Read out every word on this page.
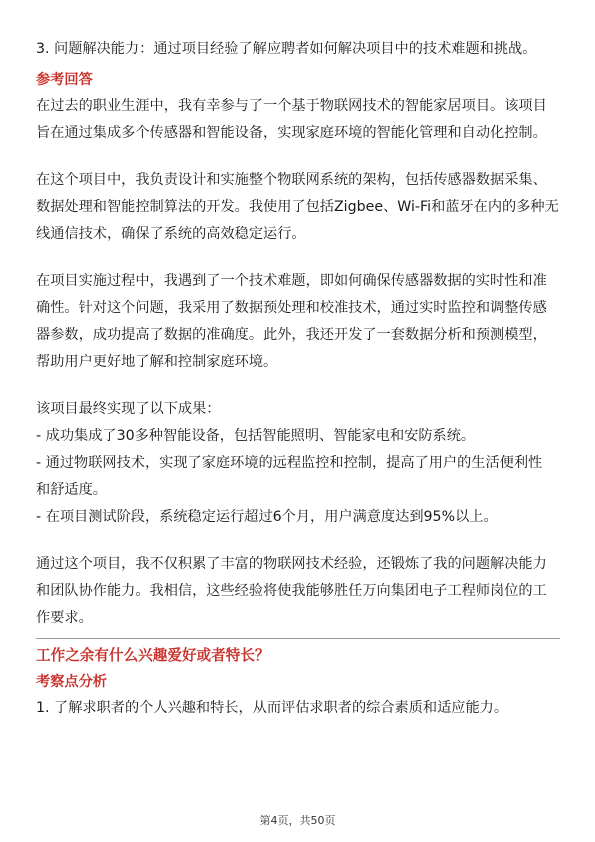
3. 问题解决能力：通过项目经验了解应聘者如何解决项目中的技术难题和挑战。
参考回答
在过去的职业生涯中，我有幸参与了一个基于物联网技术的智能家居项目。该项目
旨在通过集成多个传感器和智能设备，实现家庭环境的智能化管理和自动化控制。
在这个项目中，我负责设计和实施整个物联网系统的架构，包括传感器数据采集、
数据处理和智能控制算法的开发。我使用了包括Zigbee、Wi-Fi和蓝牙在内的多种无
线通信技术，确保了系统的高效稳定运行。
在项目实施过程中，我遇到了一个技术难题，即如何确保传感器数据的实时性和准
确性。针对这个问题，我采用了数据预处理和校准技术，通过实时监控和调整传感
器参数，成功提高了数据的准确度。此外，我还开发了一套数据分析和预测模型，
帮助用户更好地了解和控制家庭环境。
该项目最终实现了以下成果：
- 成功集成了30多种智能设备，包括智能照明、智能家电和安防系统。
- 通过物联网技术，实现了家庭环境的远程监控和控制，提高了用户的生活便利性
和舒适度。
- 在项目测试阶段，系统稳定运行超过6个月，用户满意度达到95%以上。
通过这个项目，我不仅积累了丰富的物联网技术经验，还锻炼了我的问题解决能力
和团队协作能力。我相信，这些经验将使我能够胜任万向集团电子工程师岗位的工
作要求。
工作之余有什么兴趣爱好或者特长？
考察点分析
1. 了解求职者的个人兴趣和特长，从而评估求职者的综合素质和适应能力。
第4页，共50页
